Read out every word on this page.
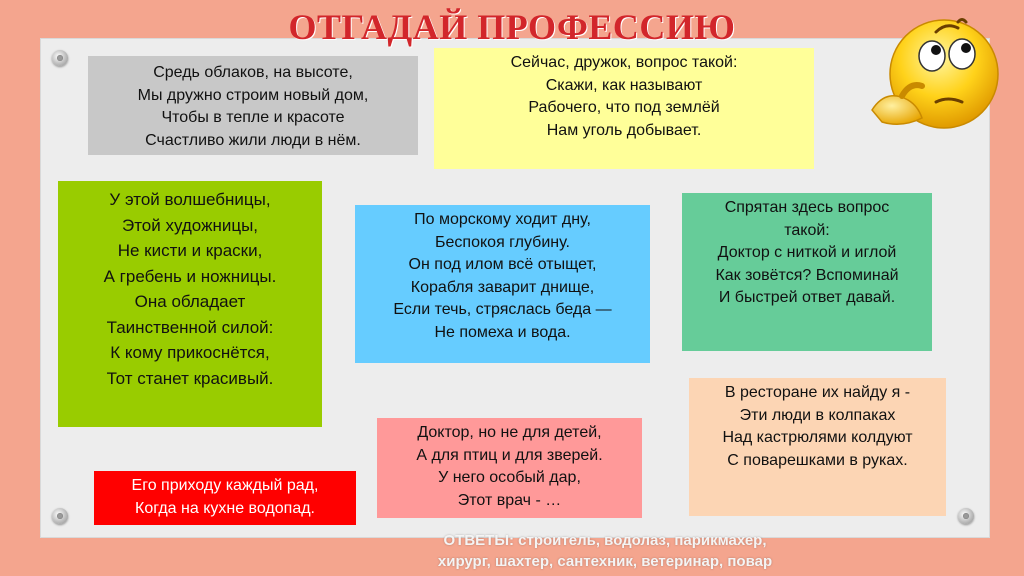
ОТГАДАЙ ПРОФЕССИЮ
Средь облаков, на высоте,
Мы дружно строим новый дом,
Чтобы в тепле и красоте
Счастливо жили люди в нём.
Сейчас, дружок, вопрос такой:
Скажи, как называют
Рабочего, что под землёй
Нам уголь добывает.
У этой волшебницы,
Этой художницы,
Не кисти и краски,
А гребень и ножницы.
Она обладает
Таинственной силой:
К кому прикоснётся,
Тот станет красивый.
По морскому ходит дну,
Беспокоя глубину.
Он под илом всё отыщет,
Корабля заварит днище,
Если течь, стряслась беда —
Не помеха и вода.
Спрятан здесь вопрос
такой:
Доктор с ниткой и иглой
Как зовётся? Вспоминай
И быстрей ответ давай.
В ресторане их найду я -
Эти люди в колпаках
Над кастрюлями колдуют
С поварешками в руках.
Доктор, но не для детей,
А для птиц и для зверей.
У него особый дар,
Этот врач - …
Его приходу каждый рад,
Когда на кухне водопад.
ОТВЕТЫ: строитель, водолаз, парикмахер,
хирург, шахтер, сантехник, ветеринар, повар
